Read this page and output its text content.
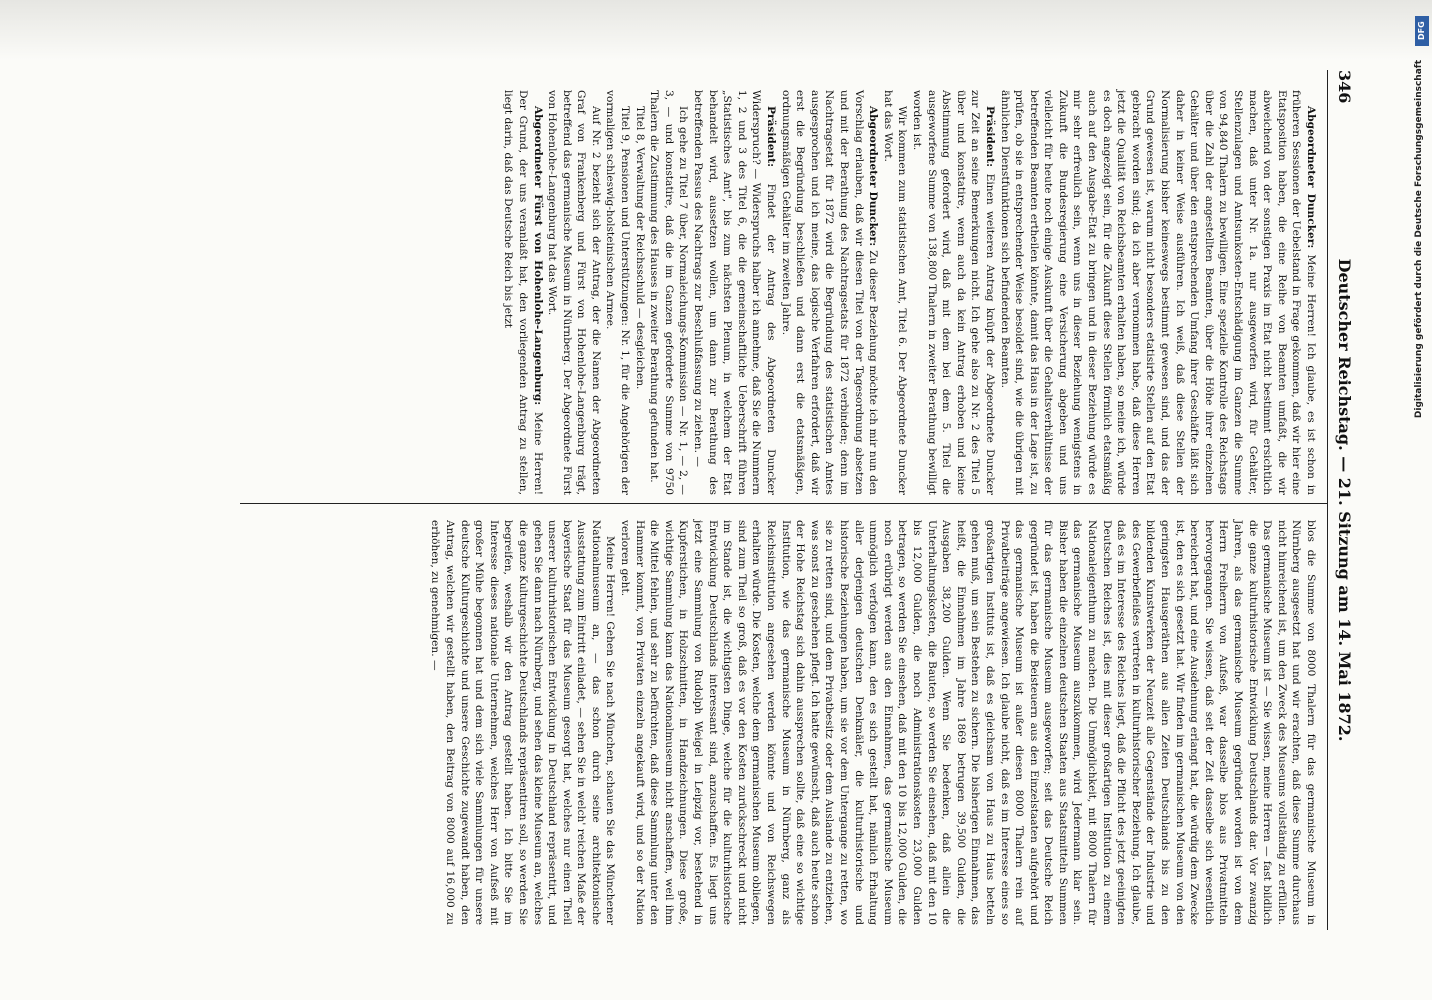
346
Deutscher Reichstag. — 21. Sitzung am 14. Mai 1872.

Abgeordneter Duncker: Meine Herren! Ich glaube, es ist schon in früheren Sessionen der Uebelstand in Frage gekommen, daß wir hier eine Etatsposition haben, die eine Reihe von Beamten umfaßt, die wir abweichend von der sonstigen Praxis im Etat nicht bestimmt ersichtlich machen, daß unter Nr. 1a. nur ausgeworfen wird, für Gehälter, Stellenzulagen und Amtsunkosten-Entschädigung im Ganzen die Summe von 94,840 Thalern zu bewilligen. Eine spezielle Kontrolle des Reichstags über die Zahl der angestellten Beamten, über die Höhe ihrer einzelnen Gehälter und über den entsprechenden Umfang ihrer Geschäfte läßt sich daher in keiner Weise ausführen. Ich weiß, daß diese Stellen der Normalisierung bisher keineswegs bestimmt gewesen sind, und das der Grund gewesen ist, warum nicht besonders etatisirte Stellen auf den Etat gebracht worden sind; da ich aber vernommen habe, daß diese Herren jetzt die Qualität von Reichsbeamten erhalten haben, so meine ich, würde es doch angezeigt sein, für die Zukunft diese Stellen förmlich etatsmäßig auch auf den Ausgabe-Etat zu bringen und in dieser Beziehung würde es mir sehr erfreulich sein, wenn uns in dieser Beziehung wenigstens in Zukunft die Bundesregierung eine Versicherung abgeben und uns vielleicht für heute noch einige Auskunft über die Gehaltsverhältnisse der betreffenden Beamten ertheilen könnte, damit das Haus in der Lage ist, zu prüfen, ob sie in entsprechender Weise besoldet sind, wie die übrigen mit ähnlichen Dienstfunktionen sich befindenden Beamten.

Präsident: Einen weiteren Antrag knüpft der Abgeordnete Duncker zur Zeit an seine Bemerkungen nicht. Ich gehe also zu Nr. 2 des Titel 5 über und konstatire, wenn auch da kein Antrag erhoben und keine Abstimmung gefordert wird, daß mit dem bei dem 5. Titel die ausgeworfene Summe von 138,800 Thalern in zweiter Berathung bewilligt worden ist.

Wir kommen zum statistischen Amt, Titel 6. Der Abgeordnete Duncker hat das Wort.

Abgeordneter Duncker: Zu dieser Beziehung möchte ich mir nun den Vorschlag erlauben, daß wir diesen Titel von der Tagesordnung absetzen und mit der Berathung des Nachtragsetats für 1872 verbinden; denn im Nachtragsetat für 1872 wird die Begründung des statistischen Amtes ausgesprochen und ich meine, das logische Verfahren erfordert, daß wir erst die Begründung beschließen und dann erst die etatsmäßigen, ordnungsmäßigen Gehälter im zweiten Jahre.

Präsident: Findet der Antrag des Abgeordneten Duncker Widerspruch? — Widerspruchs halber ich annehme, daß Sie die Nummern 1, 2 und 3 des Titel 6, die die gemeinschaftliche Ueberschrift führen „Statistisches Amt", bis zum nächsten Plenum, in welchem der Etat behandelt wird, aussetzen wollen, um dann zur Berathung des betreffenden Passus des Nachtrags zur Beschlußfassung zu ziehen. —

Ich gehe zu Titel 7 über, Normaleichungs-Kommission — Nr. 1, — 2, — 3, — und konstatire, daß die im Ganzen geforderte Summe von 9750 Thalern die Zustimmung des Hauses in zweiter Berathung gefunden hat.

Titel 8, Verwaltung der Reichsschuld — desgleichen.

Titel 9, Pensionen und Unterstützungen: Nr. 1, für die Angehörigen der vormaligen schleswig-holsteinischen Armee.

Auf Nr. 2 bezieht sich der Antrag, der die Namen der Abgeordneten Graf von Frankenberg und Fürst von Hohenlohe-Langenburg trägt, betreffend das germanische Museum in Nürnberg. Der Abgeordnete Fürst von Hohenlohe-Langenburg hat das Wort.

Abgeordneter Fürst von Hohenlohe-Langenburg: Meine Herren! Der Grund, der uns veranlaßt hat, den vorliegenden Antrag zu stellen, liegt darin, daß das Deutsche Reich bis jetzt

blos die Summe von 8000 Thalern für das germanische Museum in Nürnberg ausgesetzt hat und wir erachten, daß diese Summe durchaus nicht hinreichend ist, um den Zweck des Museums vollständig zu erfüllen. Das germanische Museum ist — Sie wissen, meine Herren — fast bildlich die ganze kulturhistorische Entwicklung Deutschlands dar. Vor zwanzig Jahren, als das germanische Museum gegründet worden ist von dem Herrn Freiherrn von Aufseß, war dasselbe blos aus Privatmitteln hervorgegangen. Sie wissen, daß seit der Zeit dasselbe sich wesentlich bereichert hat, und eine Ausdehnung erlangt hat, die würdig dem Zwecke ist, den es sich gesetzt hat. Wir finden im germanischen Museum von den geringsten Hausgeräthen aus allen Zeiten Deutschlands bis zu den bildenden Kunstwerken der Neuzeit alle Gegenstände der Industrie und des Gewerbefleißes vertreten in kulturhistorischer Beziehung. Ich glaube, daß es im Interesse des Reiches liegt, daß die Pflicht des jetzt geeinigten Deutschen Reiches ist, dies mit dieser großartigen Institution zu einem Nationaleigenthum zu machen. Die Unmöglichkeit, mit 8000 Thalern für das germanische Museum auszukommen, wird Jedermann klar sein. Bisher haben die einzelnen deutschen Staaten aus Staatsmitteln Summen für das germanische Museum ausgeworfen; seit das Deutsche Reich gegründet ist, haben die Beisteuern aus den Einzelstaaten aufgehört und das germanische Museum ist außer diesen 8000 Thalern rein auf Privatbeiträge angewiesen. Ich glaube nicht, daß es im Interesse eines so großartigen Instituts ist, daß es gleichsam von Haus zu Haus betteln gehen muß, um sein Bestehen zu sichern. Die bisherigen Einnahmen, das heißt, die Einnahmen im Jahre 1869 betrugen 39,500 Gulden, die Ausgaben 38,200 Gulden. Wenn Sie bedenken, daß allein die Unterhaltungskosten, die Bauten, so werden Sie einsehen, daß mit den 10 bis 12,000 Gulden, die noch Administrationskosten 23,000 Gulden betragen, so werden Sie einsehen, daß mit den 10 bis 12,000 Gulden, die noch erübrigt werden aus den Einnahmen, das germanische Museum unmöglich verfolgen kann, den es sich gestellt hat, nämlich Erhaltung aller derjenigen deutschen Denkmäler, die kulturhistorische und historische Beziehungen haben, um sie vor dem Untergange zu retten, wo sie zu retten sind, und dem Privatbesitz oder dem Auslande zu entziehen, was sonst zu geschehen pflegt. Ich hatte gewünscht, daß auch heute schon der Hohe Reichstag sich dahin aussprechen sollte, daß eine so wichtige Institution, wie das germanische Museum in Nürnberg, ganz als Reichsinstitution angesehen werden könnte und von Reichswegen erhalten würde. Die Kosten, welche dem germanischen Museum obliegen, sind zum Theil so groß, daß es vor den Kosten zurückschreckt und nicht im Stande ist, die wichtigsten Dinge, welche für die kulturhistorische Entwicklung Deutschlands interessant sind, anzuschaffen. Es liegt uns jetzt eine Sammlung von Rudolph Weigel in Leipzig vor, bestehend in Kupferstichen, in Holzschnitten, in Handzeichnungen. Diese große, wichtige Sammlung kann das Nationalmuseum nicht anschaffen, weil ihm die Mittel fehlen, und sehr zu befürchten, daß diese Sammlung unter den Hammer kommt, von Privaten einzeln angekauft wird, und so der Nation verloren geht.

Meine Herren! Gehen Sie nach München, schauen Sie das Münchener Nationalmuseum an, — das schon durch seine architektonische Ausstattung zum Eintritt einladet, — sehen Sie in welch' reichen Maße der bayerische Staat für das Museum gesorgt hat, welches nur einen Theil unserer kulturhistorischen Entwicklung in Deutschland repräsentirt, und gehen Sie dann nach Nürnberg, und sehen das kleine Museum an, welches die ganze Kulturgeschichte Deutschlands repräsentiren soll, so werden Sie begreifen, weshalb wir den Antrag gestellt haben. Ich bitte Sie im Interesse dieses nationale Unternehmen, welches Herr von Aufseß mit großer Mühe begonnen hat und dem sich viele Sammlungen für unsere deutsche Kulturgeschichte und unsere Geschichte zugewandt haben, den Antrag, welchen wir gestellt haben, den Beitrag von 8000 auf 16,000 zu erhöhen, zu genehmigen. —

Digitalisierung gefördert durch die Deutsche Forschungsgemeinschaft
DFG
